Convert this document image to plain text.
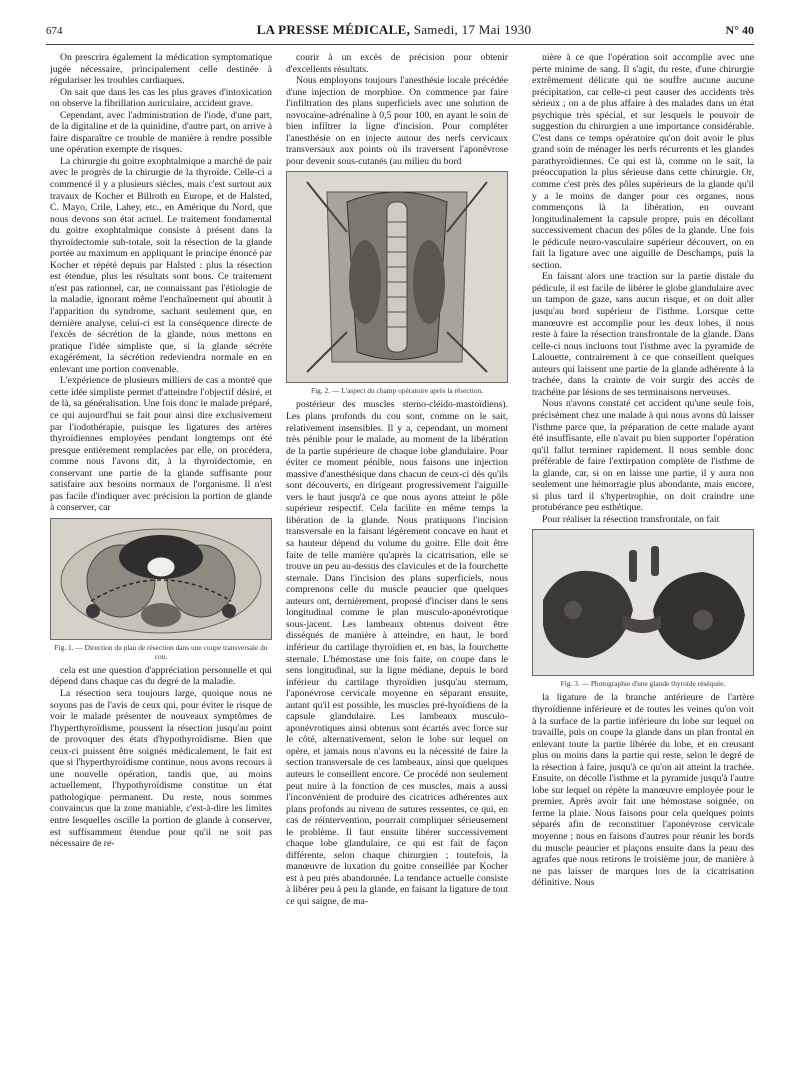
674	LA PRESSE MÉDICALE, Samedi, 17 Mai 1930	N° 40

On prescrira également la médication symptomatique jugée nécessaire, principalement celle destinée à régulariser les troubles cardiaques.

On sait que dans les cas les plus graves d'intoxication on observe la fibrillation auriculaire, accident grave.

Cependant, avec l'administration de l'iode, d'une part, de la digitaline et de la quinidine, d'autre part, on arrive à faire disparaître ce trouble de manière à rendre possible une opération exempte de risques.

La chirurgie du goitre exophtalmique a marché de pair avec le progrès de la chirurgie de la thyroïde. Celle-ci a commencé il y a plusieurs siècles, mais c'est surtout aux travaux de Kocher et Billroth en Europe, et de Halsted, C. Mayo, Crile, Lahey, etc., en Amérique du Nord, que nous devons son état actuel. Le traitement fondamental du goitre exophtalmique consiste à présent dans la thyroïdectomie sub-totale, soit la résection de la glande portée au maximum en appliquant le principe énoncé par Kocher et répété depuis par Halsted : plus la résection est étendue, plus les résultats sont bons. Ce traitement n'est pas rationnel, car, ne connaissant pas l'étiologie de la maladie, ignorant même l'enchaînement qui aboutit à l'apparition du syndrome, sachant seulement que, en dernière analyse, celui-ci est la conséquence directe de l'excès de sécrétion de la glande, nous mettons en pratique l'idée simpliste que, si la glande sécrète exagérément, la sécrétion redeviendra normale en en enlevant une portion convenable.

L'expérience de plusieurs milliers de cas a montré que cette idée simpliste permet d'atteindre l'objectif désiré, et de là, sa généralisation. Une fois donc le malade préparé, ce qui aujourd'hui se fait pour ainsi dire exclusivement par l'iodothérapie, puisque les ligatures des artères thyroïdiennes employées pendant longtemps ont été presque entièrement remplacées par elle, on procédera, comme nous l'avons dit, à la thyroïdectomie, en conservant une partie de la glande suffisante pour satisfaire aux besoins normaux de l'organisme. Il n'est pas facile d'indiquer avec précision la portion de glande à conserver, car

Fig. 1. — Direction du plan de résection dans une coupe transversale du cou.

cela est une question d'appréciation personnelle et qui dépend dans chaque cas du degré de la maladie.

La résection sera toujours large, quoique nous ne soyons pas de l'avis de ceux qui, pour éviter le risque de voir le malade présenter de nouveaux symptômes de l'hyperthyroïdisme, poussent la résection jusqu'au point de provoquer des états d'hypothyroïdisme. Bien que ceux-ci puissent être soignés médicalement, le fait est que si l'hyperthyroïdisme continue, nous avons recours à une nouvelle opération, tandis que, au moins actuellement, l'hypothyroïdisme constitue un état pathologique permanent. Du reste, nous sommes convaincus que la zone maniable, c'est-à-dire les limites entre lesquelles oscille la portion de glande à conserver, est suffisamment étendue pour qu'il ne soit pas nécessaire de re-

courir à un excès de précision pour obtenir d'excellents résultats.

Nous employons toujours l'anesthésie locale précédée d'une injection de morphine. On commence par faire l'infiltration des plans superficiels avec une solution de novocaïne-adrénaline à 0,5 pour 100, en ayant le soin de bien infiltrer la ligne d'incision. Pour compléter l'anesthésie on en injecte autour des nerfs cervicaux transversaux aux points où ils traversent l'aponévrose pour devenir sous-cutanés (au milieu du bord

Fig. 2. — L'aspect du champ opératoire après la résection.

postérieur des muscles sterno-cléido-mastoïdiens). Les plans profonds du cou sont, comme on le sait, relativement insensibles. Il y a, cependant, un moment très pénible pour le malade, au moment de la libération de la partie supérieure de chaque lobe glandulaire. Pour éviter ce moment pénible, nous faisons une injection massive d'anesthésique dans chacun de ceux-ci dès qu'ils sont découverts, en dirigeant progressivement l'aiguille vers le haut jusqu'à ce que nous ayons atteint le pôle supérieur respectif. Cela facilite en même temps la libération de la glande. Nous pratiquons l'incision transversale en la faisant légèrement concave en haut et sa hauteur dépend du volume du goitre. Elle doit être faite de telle manière qu'après la cicatrisation, elle se trouve un peu au-dessus des clavicules et de la fourchette sternale. Dans l'incision des plans superficiels, nous comprenons celle du muscle peaucier que quelques auteurs ont, dernièrement, proposé d'inciser dans le sens longitudinal comme le plan musculo-aponévrotique sous-jacent. Les lambeaux obtenus doivent être disséqués de manière à atteindre, en haut, le bord inférieur du cartilage thyroïdien et, en bas, la fourchette sternale. L'hémostase une fois faite, on coupe dans le sens longitudinal, sur la ligne médiane, depuis le bord inférieur du cartilage thyroïdien jusqu'au sternum, l'aponévrose cervicale moyenne en séparant ensuite, autant qu'il est possible, les muscles pré-hyoïdiens de la capsule glandulaire. Les lambeaux musculo-aponévrotiques ainsi obtenus sont écartés avec force sur le côté, alternativement, selon le lobe sur lequel on opère, et jamais nous n'avons eu la nécessité de faire la section transversale de ces lambeaux, ainsi que quelques auteurs le conseillent encore. Ce procédé non seulement peut nuire à la fonction de ces muscles, mais a aussi l'inconvénient de produire des cicatrices adhérentes aux plans profonds au niveau de sutures ressentes, ce qui, en cas de réintervention, pourrait compliquer sérieusement le problème. Il faut ensuite libérer successivement chaque lobe glandulaire, ce qui est fait de façon différente, selon chaque chirurgien ; toutefois, la manœuvre de luxation du goitre conseillée par Kocher est à peu près abandonnée. La tendance actuelle consiste à libérer peu à peu la glande, en faisant la ligature de tout ce qui saigne, de ma-

nière à ce que l'opération soit accomplie avec une perte minime de sang. Il s'agit, du reste, d'une chirurgie extrêmement délicate qui ne souffre aucune aucune précipitation, car celle-ci peut causer des accidents très sérieux ; on a de plus affaire à des malades dans un état psychique très spécial, et sur lesquels le pouvoir de suggestion du chirurgien a une importance considérable. C'est dans ce temps opératoire qu'on doit avoir le plus grand soin de ménager les nerfs récurrents et les glandes parathyroïdiennes. Ce qui est là, comme on le sait, la préoccupation la plus sérieuse dans cette chirurgie. Or, comme c'est près des pôles supérieurs de la glande qu'il y a le moins de danger pour ces organes, nous commençons là la libération, en ouvrant longitudinalement la capsule propre, puis en décollant successivement chacun des pôles de la glande. Une fois le pédicule neuro-vasculaire supérieur découvert, on en fait la ligature avec une aiguille de Deschamps, puis la section.

En faisant alors une traction sur la partie distale du pédicule, il est facile de libérer le globe glandulaire avec un tampon de gaze, sans aucun risque, et on doit aller jusqu'au bord supérieur de l'isthme. Lorsque cette manœuvre est accomplie pour les deux lobes, il nous reste à faire la résection transfrontale de la glande. Dans celle-ci nous incluons tout l'isthme avec la pyramide de Lalouette, contrairement à ce que conseillent quelques auteurs qui laissent une partie de la glande adhérente à la trachée, dans la crainte de voir surgir des accès de trachéite par lésions de ses terminaisons nerveuses.

Nous n'avons constaté cet accident qu'une seule fois, précisément chez une malade à qui nous avons dû laisser l'isthme parce que, la préparation de cette malade ayant été insuffisante, elle n'avait pu bien supporter l'opération qu'il fallut terminer rapidement. Il nous semble donc préférable de faire l'extirpation complète de l'isthme de la glande, car, si on en laisse une partie, il y aura non seulement une hémorragie plus abondante, mais encore, si plus tard il s'hypertrophie, on doit craindre une protubérance peu esthétique.

Pour réaliser la résection transfrontale, on fait

Fig. 3. — Photographie d'une glande thyroïde réséquée.

la ligature de la branche antérieure de l'artère thyroïdienne inférieure et de toutes les veines qu'on voit à la surface de la partie inférieure du lobe sur lequel on travaille, puis on coupe la glande dans un plan frontal en enlevant toute la partie libérée du lobe, et en creusant plus ou moins dans la partie qui reste, selon le degré de la résection à faire, jusqu'à ce qu'on ait atteint la trachée. Ensuite, on décolle l'isthme et la pyramide jusqu'à l'autre lobe sur lequel on répète la manœuvre employée pour le premier. Après avoir fait une hémostase soignée, on ferme la plaie. Nous faisons pour cela quelques points séparés afin de reconstituer l'aponévrose cervicale moyenne ; nous en faisons d'autres pour réunir les bords du muscle peaucier et plaçons ensuite dans la peau des agrafes que nous retirons le troisième jour, de manière à ne pas laisser de marques lors de la cicatrisation définitive. Nous
